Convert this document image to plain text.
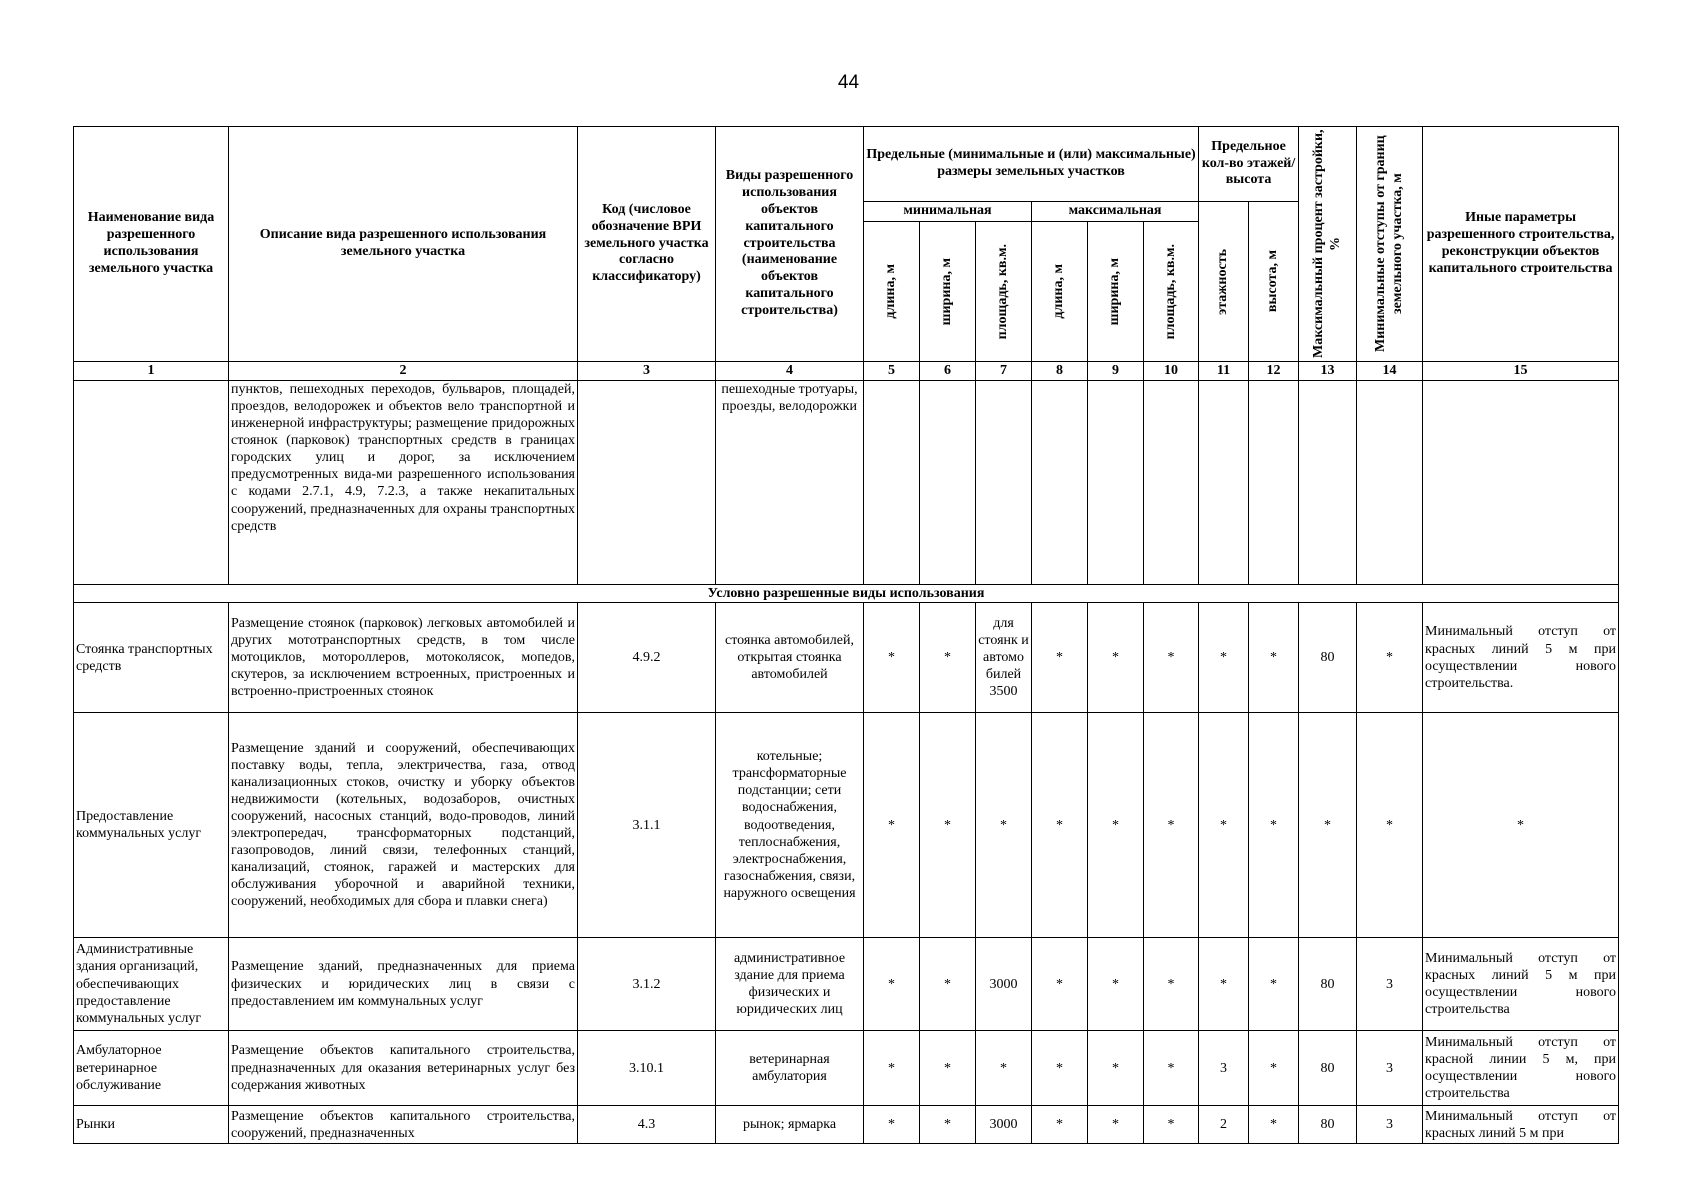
44
Наименование вида разрешенного использования земельного участка	Описание вида разрешенного использования земельного участка	Код (числовое обозначение ВРИ земельного участка согласно классификатору)	Виды разрешенного использования объектов капитального строительства (наименование объектов капитального строительства)	Предельные (минимальные и (или) максимальные) размеры земельных участков						Предельное кол-во этажей/ высота		Максимальный процент застройки, %	Минимальные отступы от границ земельного участка, м	Иные параметры разрешенного строительства, реконструкции объектов капитального строительства
				минимальная			максимальная			этажность	высота, м			

				длина, м	ширина, м	площадь, кв.м.	длина, м	ширина, м	площадь, кв.м.					

1	2	3	4	5	6	7	8	9	10	11	12	13	14	15
	пунктов, пешеходных переходов, бульваров, площадей, проездов, велодорожек и объектов вело транспортной и инженерной инфраструктуры; размещение придорожных стоянок (парковок) транспортных средств в границах городских улиц и дорог, за исключением предусмотренных вида-ми разрешенного использования с кодами 2.7.1, 4.9, 7.2.3, а также некапитальных сооружений, предназначенных для охраны транспортных средств		пешеходные тротуары, проезды, велодорожки											
Условно разрешенные виды использования														
Стоянка транспортных средств	Размещение стоянок (парковок) легковых автомобилей и других мототранспортных средств, в том числе мотоциклов, мотороллеров, мотоколясок, мопедов, скутеров, за исключением встроенных, пристроенных и встроенно-пристроенных стоянок	4.9.2	стоянка автомобилей, открытая стоянка автомобилей	*	*	для стоянк и автомо билей 3500	*	*	*	*	*	80	*	Минимальный отступ от красных линий 5 м при осуществлении нового строительства.
Предоставление коммунальных услуг	Размещение зданий и сооружений, обеспечивающих поставку воды, тепла, электричества, газа, отвод канализационных стоков, очистку и уборку объектов недвижимости (котельных, водозаборов, очистных сооружений, насосных станций, водо-проводов, линий электропередач, трансформаторных подстанций, газопроводов, линий связи, телефонных станций, канализаций, стоянок, гаражей и мастерских для обслуживания уборочной и аварийной техники, сооружений, необходимых для сбора и плавки снега)	3.1.1	котельные; трансформаторные подстанции; сети водоснабжения, водоотведения, теплоснабжения, электроснабжения, газоснабжения, связи, наружного освещения	*	*	*	*	*	*	*	*	*	*	*
Административные здания организаций, обеспечивающих предоставление коммунальных услуг	Размещение зданий, предназначенных для приема физических и юридических лиц в связи с предоставлением им коммунальных услуг	3.1.2	административное здание для приема физических и юридических лиц	*	*	3000	*	*	*	*	*	80	3	Минимальный отступ от красных линий 5 м при осуществлении нового строительства
Амбулаторное ветеринарное обслуживание	Размещение объектов капитального строительства, предназначенных для оказания ветеринарных услуг без содержания животных	3.10.1	ветеринарная амбулатория	*	*	*	*	*	*	3	*	80	3	Минимальный отступ от красной линии 5 м, при осуществлении нового строительства
Рынки	Размещение объектов капитального строительства, сооружений, предназначенных	4.3	рынок; ярмарка	*	*	3000	*	*	*	2	*	80	3	Минимальный отступ от красных линий 5 м при
